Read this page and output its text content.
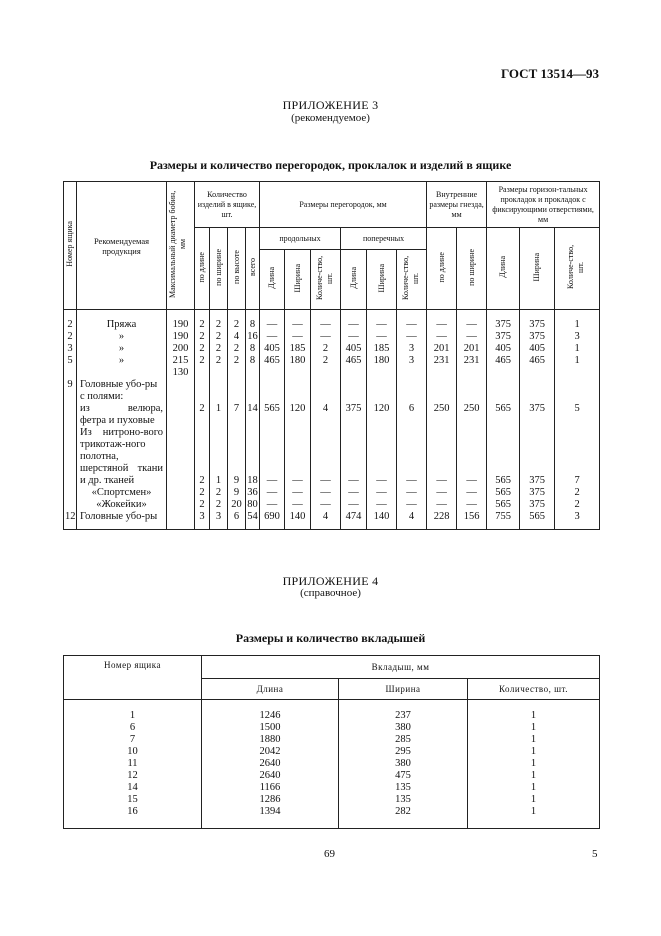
ГОСТ 13514—93
ПРИЛОЖЕНИЕ 3
(рекомендуемое)
Размеры и количество перегородок, проклалок и изделий в ящике
Номер ящика	Рекомендуемая продукция	Максимальный диаметр бобин, мм	Количество изделий в ящике, шт.				Размеры перегородок, мм						Внутренние размеры гнезда, мм		Размеры горизон-тальных прокладок и прокладок с фиксирующими отверстиями, мм		
			по длине	по ширине	по высоте	всего	продольных			поперечных			по длине	по ширине	Длина	Ширина	Количе-ство, шт.
							Длина	Ширина	Количе-ство, шт.	Длина	Ширина	Количе-ство, шт.					
2	Пряжа	190	2	2	2	8	—	—	—	—	—	—	—	—	375	375	1
2	»	190	2	2	4	16	—	—	—	—	—	—	—	—	375	375	3
3	»	200	2	2	2	8	405	185	2	405	185	3	201	201	405	405	1
5	»	215	2	2	2	8	465	180	2	465	180	3	231	231	465	465	1
		130															
9	Головные убо-ры с полями:																

	из велюра,		2	1	7	14	565	120	4	375	120	6	250	250	565	375	5
	фетра и пуховые																

	Из нитроно-вого трикотаж-ного полотна, шерстяной ткани																

	и др. тканей		2	1	9	18	—	—	—	—	—	—	—	—	565	375	7
	«Спортсмен»		2	2	9	36	—	—	—	—	—	—	—	—	565	375	2
	«Жокейки»		2	2	20	80	—	—	—	—	—	—	—	—	565	375	2
12	Головные убо-ры		3	3	6	54	690	140	4	474	140	4	228	156	755	565	3
ПРИЛОЖЕНИЕ 4
(справочное)
Размеры и количество вкладышей
Номер ящика	Вкладыш, мм		
	Длина	Ширина	Количество, шт.
1	1246	237	1
6	1500	380	1
7	1880	285	1
10	2042	295	1
11	2640	380	1
12	2640	475	1
14	1166	135	1
15	1286	135	1
16	1394	282	1
69	5
